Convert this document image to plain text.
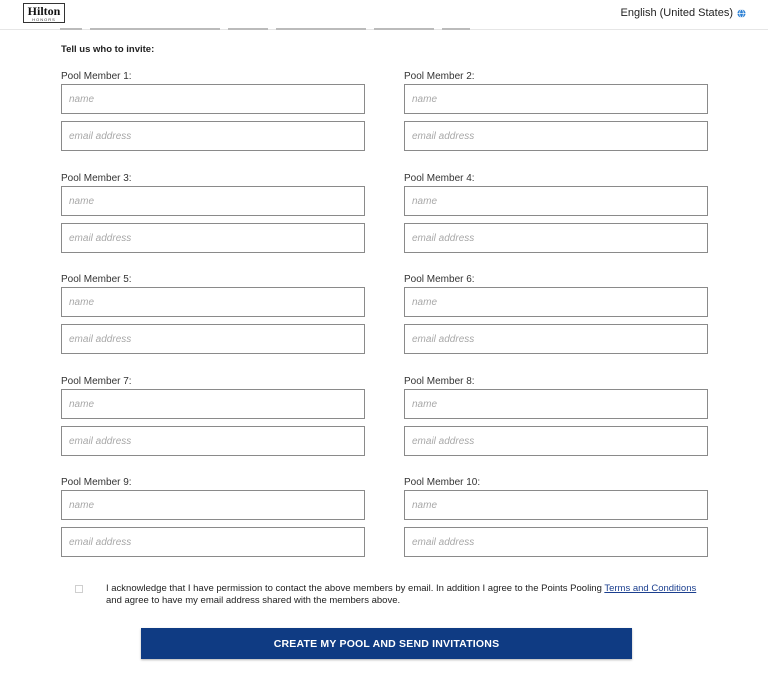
Hilton
HONORS
English (United States)
Tell us who to invite:
Pool Member 1:
name
email address	Pool Member 2:
name
email address
Pool Member 3:
name
email address	Pool Member 4:
name
email address
Pool Member 5:
name
email address	Pool Member 6:
name
email address
Pool Member 7:
name
email address	Pool Member 8:
name
email address
Pool Member 9:
name
email address	Pool Member 10:
name
email address
I acknowledge that I have permission to contact the above members by email. In addition I agree to the Points Pooling Terms and Conditions and agree to have my email address shared with the members above.
CREATE MY POOL AND SEND INVITATIONS
